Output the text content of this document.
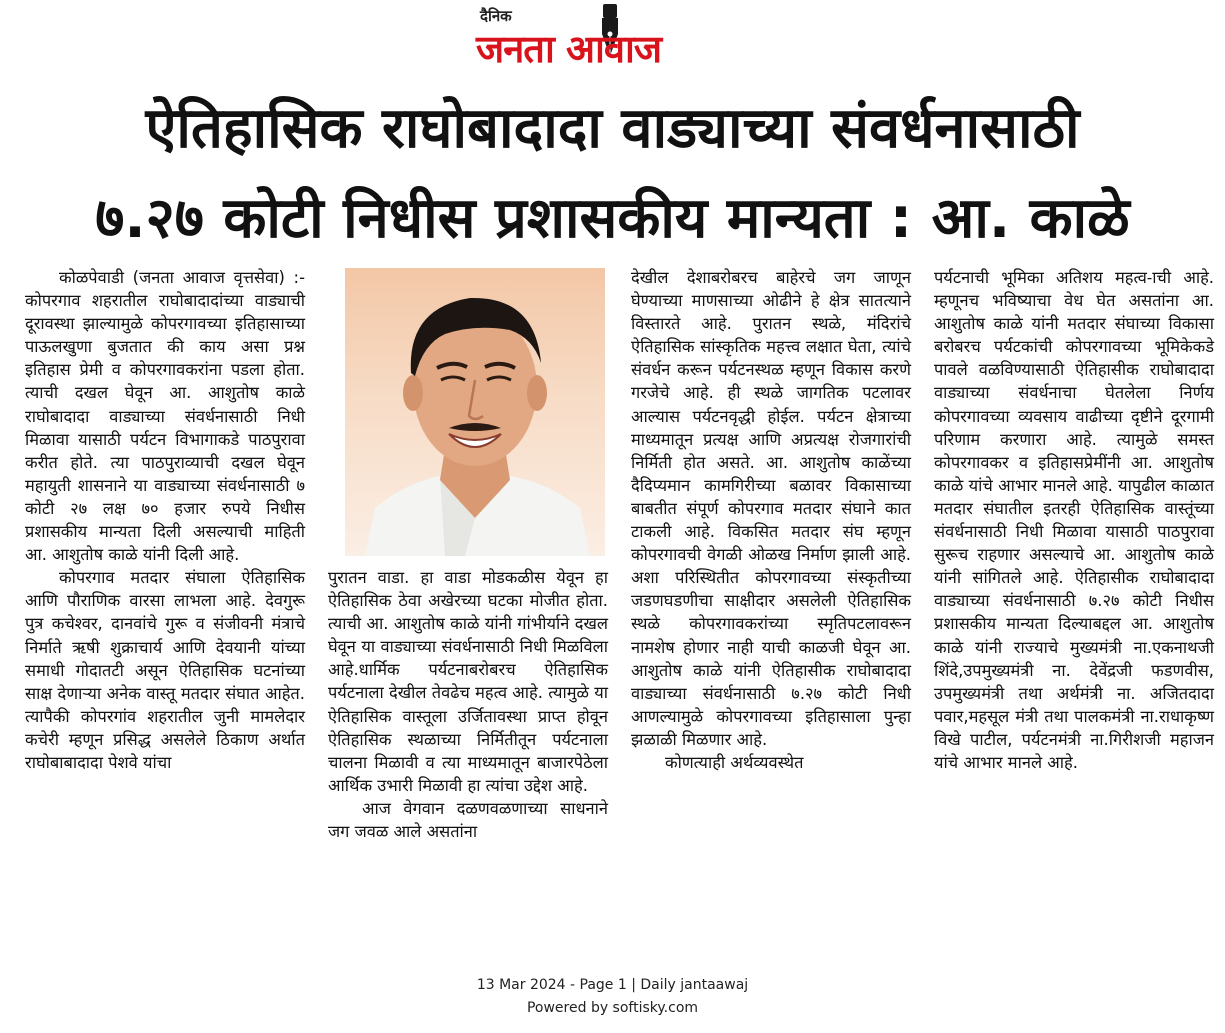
दैनिक
जनता आवाज
ऐतिहासिक राघोबादादा वाड्याच्या संवर्धनासाठी
७.२७ कोटी निधीस प्रशासकीय मान्यता : आ. काळे

कोळपेवाडी (जनता आवाज वृत्तसेवा) :- कोपरगाव शहरातील राघोबादादांच्या वाड्याची दूरावस्था झाल्यामुळे कोपरगावच्या इतिहासाच्या पाऊलखुणा बुजतात की काय असा प्रश्न इतिहास प्रेमी व कोपरगावकरांना पडला होता. त्याची दखल घेवून आ. आशुतोष काळे राघोबादादा वाड्याच्या संवर्धनासाठी निधी मिळावा यासाठी पर्यटन विभागाकडे पाठपुरावा करीत होते. त्या पाठपुराव्याची दखल घेवून महायुती शासनाने या वाड्याच्या संवर्धनासाठी ७ कोटी २७ लक्ष ७० हजार रुपये निधीस प्रशासकीय मान्यता दिली असल्याची माहिती आ. आशुतोष काळे यांनी दिली आहे.

कोपरगाव मतदार संघाला ऐतिहासिक आणि पौराणिक वारसा लाभला आहे. देवगुरू पुत्र कचेश्वर, दानवांचे गुरू व संजीवनी मंत्राचे निर्माते ऋषी शुक्राचार्य आणि देवयानी यांच्या समाधी गोदातटी असून ऐतिहासिक घटनांच्या साक्ष देणाऱ्या अनेक वास्तू मतदार संघात आहेत. त्यापैकी कोपरगांव शहरातील जुनी मामलेदार कचेरी म्हणून प्रसिद्ध असलेले ठिकाण अर्थात राघोबाबादादा पेशवे यांचा

पुरातन वाडा. हा वाडा मोडकळीस येवून हा ऐतिहासिक ठेवा अखेरच्या घटका मोजीत होता. त्याची आ. आशुतोष काळे यांनी गांभीर्याने दखल घेवून या वाड्याच्या संवर्धनासाठी निधी मिळविला आहे.धार्मिक पर्यटनाबरोबरच ऐतिहासिक पर्यटनाला देखील तेवढेच महत्व आहे. त्यामुळे या ऐतिहासिक वास्तूला उर्जितावस्था प्राप्त होवून ऐतिहासिक स्थळाच्या निर्मितीतून पर्यटनाला चालना मिळावी व त्या माध्यमातून बाजारपेठेला आर्थिक उभारी मिळावी हा त्यांचा उद्देश आहे.

आज वेगवान दळणवळणाच्या साधनाने जग जवळ आले असतांना

देखील देशाबरोबरच बाहेरचे जग जाणून घेण्याच्या माणसाच्या ओढीने हे क्षेत्र सातत्याने विस्तारते आहे. पुरातन स्थळे, मंदिरांचे ऐतिहासिक सांस्कृतिक महत्त्व लक्षात घेता, त्यांचे संवर्धन करून पर्यटनस्थळ म्हणून विकास करणे गरजेचे आहे. ही स्थळे जागतिक पटलावर आल्यास पर्यटनवृद्धी होईल. पर्यटन क्षेत्राच्या माध्यमातून प्रत्यक्ष आणि अप्रत्यक्ष रोजगारांची निर्मिती होत असते. आ. आशुतोष काळेंच्या दैदिप्यमान कामगिरीच्या बळावर विकासाच्या बाबतीत संपूर्ण कोपरगाव मतदार संघाने कात टाकली आहे. विकसित मतदार संघ म्हणून कोपरगावची वेगळी ओळख निर्माण झाली आहे. अशा परिस्थितीत कोपरगावच्या संस्कृतीच्या जडणघडणीचा साक्षीदार असलेली ऐतिहासिक स्थळे कोपरगावकरांच्या स्मृतिपटलावरून नामशेष होणार नाही याची काळजी घेवून आ. आशुतोष काळे यांनी ऐतिहासीक राघोबादादा वाड्याच्या संवर्धनासाठी ७.२७ कोटी निधी आणल्यामुळे कोपरगावच्या इतिहासाला पुन्हा झळाळी मिळणार आहे.

कोणत्याही अर्थव्यवस्थेत

पर्यटनाची भूमिका अतिशय महत्व-ाची आहे. म्हणूनच भविष्याचा वेध घेत असतांना आ. आशुतोष काळे यांनी मतदार संघाच्या विकासा बरोबरच पर्यटकांची कोपरगावच्या भूमिकेकडे पावले वळविण्यासाठी ऐतिहासीक राघोबादादा वाड्याच्या संवर्धनाचा घेतलेला निर्णय कोपरगावच्या व्यवसाय वाढीच्या दृष्टीने दूरगामी परिणाम करणारा आहे. त्यामुळे समस्त कोपरगावकर व इतिहासप्रेमींनी आ. आशुतोष काळे यांचे आभार मानले आहे. यापुढील काळात मतदार संघातील इतरही ऐतिहासिक वास्तूंच्या संवर्धनासाठी निधी मिळावा यासाठी पाठपुरावा सुरूच राहणार असल्याचे आ. आशुतोष काळे यांनी सांगितले आहे. ऐतिहासीक राघोबादादा वाड्याच्या संवर्धनासाठी ७.२७ कोटी निधीस प्रशासकीय मान्यता दिल्याबद्दल आ. आशुतोष काळे यांनी राज्याचे मुख्यमंत्री ना.एकनाथजी शिंदे,उपमुख्यमंत्री ना. देवेंद्रजी फडणवीस, उपमुख्यमंत्री तथा अर्थमंत्री ना. अजितदादा पवार,महसूल मंत्री तथा पालकमंत्री ना.राधाकृष्ण विखे पाटील, पर्यटनमंत्री ना.गिरीशजी महाजन यांचे आभार मानले आहे.

13 Mar 2024 - Page 1 | Daily jantaawaj
Powered by softisky.com
